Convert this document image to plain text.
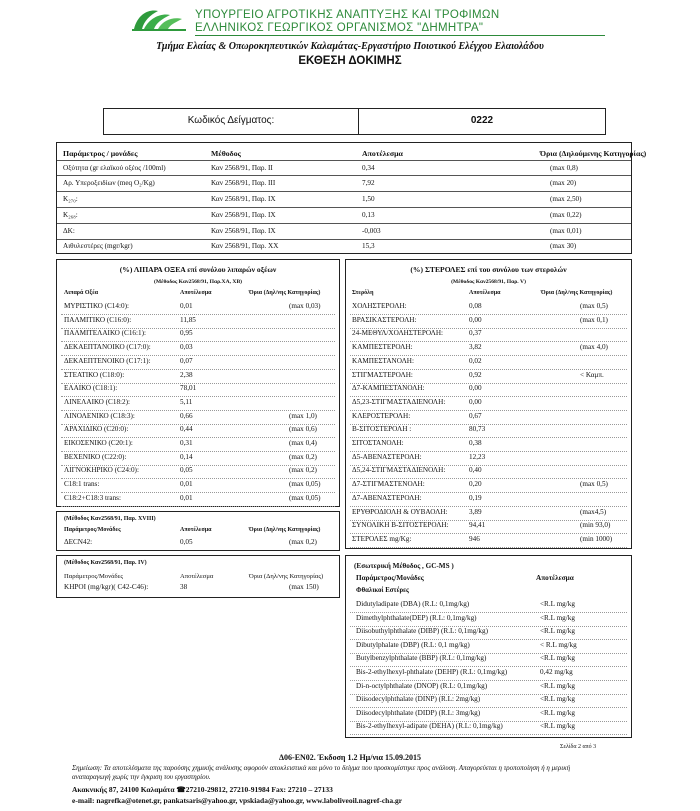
ΥΠΟΥΡΓΕΙΟ ΑΓΡΟΤΙΚΗΣ ΑΝΑΠΤΥΞΗΣ ΚΑΙ ΤΡΟΦΙΜΩΝ
ΕΛΛΗΝΙΚΟΣ ΓΕΩΡΓΙΚΟΣ ΟΡΓΑΝΙΣΜΟΣ "ΔΗΜΗΤΡΑ"
Τμήμα Ελαίας & Οπωροκηπευτικών Καλαμάτας-Εργαστήριο Ποιοτικού Ελέγχου Ελαιολάδου
ΕΚΘΕΣΗ ΔΟΚΙΜΗΣ
Κωδικός Δείγματος:	0222
Παράμετρος / μονάδες	Μέθοδος	Αποτέλεσμα	Όρια (Δηλούμενης Κατηγορίας)
Οξύτητα (gr ελαϊκού οξέος /100ml)	Καν 2568/91, Παρ. II	0,34	(max 0,8)
Αρ. Υπεροξειδίων (meq O₂/Kg)	Καν 2568/91, Παρ. III	7,92	(max 20)
K₂₇₀:	Καν 2568/91, Παρ. IX	1,50	(max 2,50)
K₂₆₈:	Καν 2568/91, Παρ. IX	0,13	(max 0,22)
ΔK:	Καν 2568/91, Παρ. IX	-0,003	(max 0,01)
Αιθυλεστέρες (mgr/kgr)	Καν 2568/91, Παρ. XX	15,3	(max 30)
(%) ΛΙΠΑΡΑ ΟΞΕΑ επί συνόλου λιπαρών οξέων
(Μέθοδος Καν2568/91, Παρ.ΧΑ, ΧΒ)
Λιπαρά Οξέα	Αποτέλεσμα	Όρια (Δηλ/νης Κατηγορίας)
ΜΥΡΙΣΤΙΚΟ (C14:0):	0,01	(max 0,03)
ΠΑΛΜΙΤΙΚΟ (C16:0):	11,85
ΠΑΛΜΙΤΕΛΑΙΚΟ (C16:1):	0,95
ΔΕΚΑΕΠΤΑΝΟΙΚΟ (C17:0):	0,03
ΔΕΚΑΕΠΤΕΝΟΙΚΟ (C17:1):	0,07
ΣΤΕΑΤΙΚΟ (C18:0):	2,38
ΕΛΑΙΚΟ (C18:1):	78,01
ΛΙΝΕΛΑΙΚΟ (C18:2):	5,11
ΛΙΝΟΛΕΝΙΚΟ (C18:3):	0,66	(max 1,0)
ΑΡΑΧΙΔΙΚΟ (C20:0):	0,44	(max 0,6)
ΕΙΚΟΣΕΝΙΚΟ (C20:1):	0,31	(max 0,4)
ΒΕΧΕΝΙΚΟ (C22:0):	0,14	(max 0,2)
ΛΙΓΝΟΚΗΡΙΚΟ (C24:0):	0,05	(max 0,2)
C18:1 trans:	0,01	(max 0,05)
C18:2+C18:3 trans:	0,01	(max 0,05)
(Μέθοδος Καν2568/91, Παρ. XVIII)
Παράμετρος/Μονάδες	Αποτέλεσμα	Όρια (Δηλ/νης Κατηγορίας)
ΔECN42:	0,05	(max 0,2)
(Μέθοδος Καν2568/91, Παρ. IV)
Παράμετρος/Μονάδες	Αποτέλεσμα	Όρια (Δηλ/νης Κατηγορίας)
ΚΗΡΟΙ (mg/kgr)( C42-C46):	38	(max 150)
(%) ΣΤΕΡΟΛΕΣ επί του συνόλου των στερολών
(Μέθοδος Καν2568/91, Παρ. V)
Στερόλη	Αποτέλεσμα	Όρια (Δηλ/νης Κατηγορίας)
ΧΟΛΗΣΤΕΡΟΛΗ:	0,08	(max 0,5)
ΒΡΑΣΙΚΑΣΤΕΡΟΛΗ:	0,00	(max 0,1)
24-ΜΕΘΥΛ/ΧΟΛΗΣΤΕΡΟΛΗ:	0,37
ΚΑΜΠΕΣΤΕΡΟΛΗ:	3,82	(max 4,0)
ΚΑΜΠΕΣΤΑΝΟΛΗ:	0,02
ΣΤΙΓΜΑΣΤΕΡΟΛΗ:	0,92	< Καμπ.
Δ7-ΚΑΜΠΕΣΤΑΝΟΛΗ:	0,00
Δ5,23-ΣΤΙΓΜΑΣΤΑΔΙΕΝΟΛΗ:	0,00
ΚΛΕΡΟΣΤΕΡΟΛΗ:	0,67
Β-ΣΙΤΟΣΤΕΡΟΛΗ :	80,73
ΣΙΤΟΣΤΑΝΟΛΗ:	0,38
Δ5-ΑΒΕΝΑΣΤΕΡΟΛΗ:	12,23
Δ5,24-ΣΤΙΓΜΑΣΤΑΔΙΕΝΟΛΗ:	0,40
Δ7-ΣΤΙΓΜΑΣΤΕΝΟΛΗ:	0,20	(max 0,5)
Δ7-ΑΒΕΝΑΣΤΕΡΟΛΗ:	0,19
ΕΡΥΘΡΟΔΙΟΛΗ & ΟΥΒΑΟΛΗ:	3,89	(max4,5)
ΣΥΝΟΛΙΚΗ Β-ΣΙΤΟΣΤΕΡΟΛΗ:	94,41	(min 93,0)
ΣΤΕΡΟΛΕΣ mg/Kg:	946	(min 1000)
(Εσωτερική Μέθοδος , GC-MS )
Παράμετρος/Μονάδες	Αποτέλεσμα
Φθαλικοί Εστέρες
Didutyladipate (DBA) (R.L: 0,1mg/kg)	<R.L mg/kg
Dimethylphthalate(DEP) (R.L: 0,1mg/kg)	<R.L mg/kg
Diisobuthylphthalate (DIBP) (R.L: 0,1mg/kg)	<R.L mg/kg
Dibutylphalate (DBP) (R.L: 0,1 mg/kg)	< R.L mg/kg
Butylbenzylphthalate (BBP) (R.L: 0,1mg/kg)	<R.L mg/kg
Bis-2-ethylhexyl-phthalate (DEHP) (R.L: 0,1mg/kg)	0,42 mg/kg
Di-n-octylphthalate (DNOP) (R.L: 0,1mg/kg)	<R.L mg/kg
Diisodecylphthalate (DINP) (R.L: 2mg/kg)	<R.L mg/kg
Diisodecylphthalate (DIDP) (R.L: 3mg/kg)	<R.L mg/kg
Bis-2-ethylhexyl-adipate (DEHA) (R.L: 0,1mg/kg)	<R.L mg/kg
Σελίδα 2 από 3
Δ06-ΕΝ02. Έκδοση 1.2 Ημ/νια 15.09.2015
Σημείωση: Τα αποτελέσματα της παρούσης χημικής ανάλυσης αφορούν αποκλειστικά και μόνο το δείγμα που προσκομίστηκε προς ανάλυση. Απαγορεύεται η τροποποίηση ή η μερική αναπαραγωγή χωρίς την έγκριση του εργαστηρίου.
Ακακνικής 87, 24100 Καλαμάτα ☎27210-29812, 27210-91984 Fax: 27210 – 27133
e-mail: nagrefka@otenet.gr, pankatsaris@yahoo.gr, vpskiada@yahoo.gr, www.laboliveoil.nagref-cha.gr
